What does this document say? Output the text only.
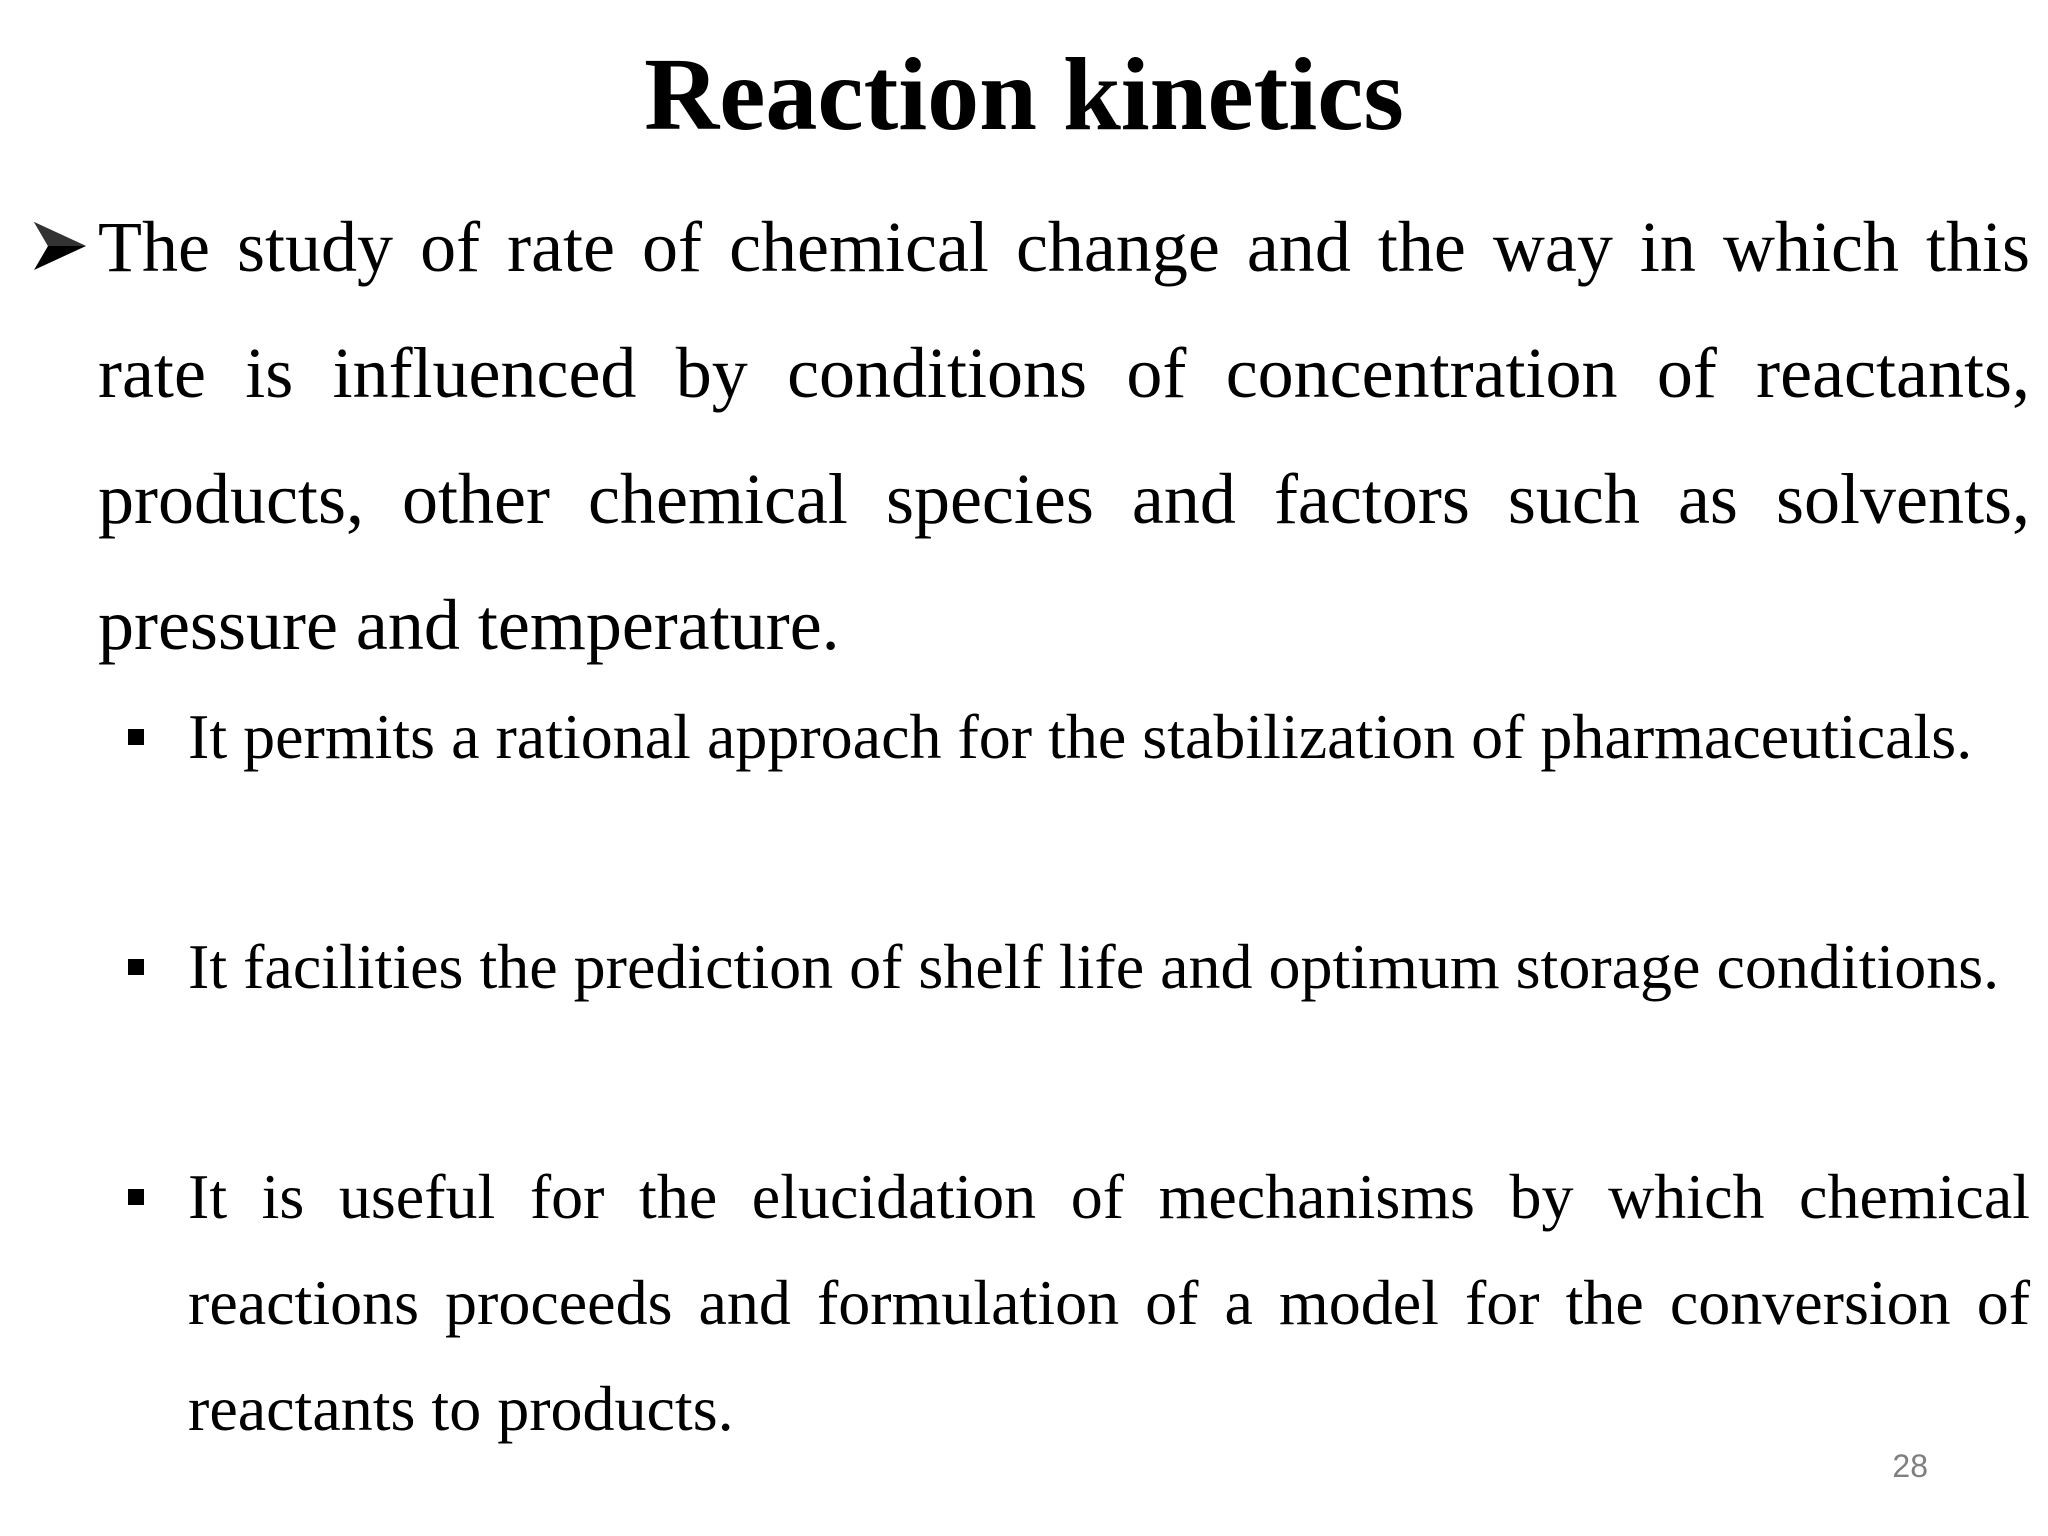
Reaction kinetics
The study of rate of chemical change and the way in which this rate is influenced by conditions of concentration of reactants, products, other chemical species and factors such as solvents, pressure and temperature.
It permits a rational approach for the stabilization of pharmaceuticals.
It facilities the prediction of shelf life and optimum storage conditions.
It is useful for the elucidation of mechanisms by which chemical reactions proceeds and formulation of a model for the conversion of reactants to products.
28
